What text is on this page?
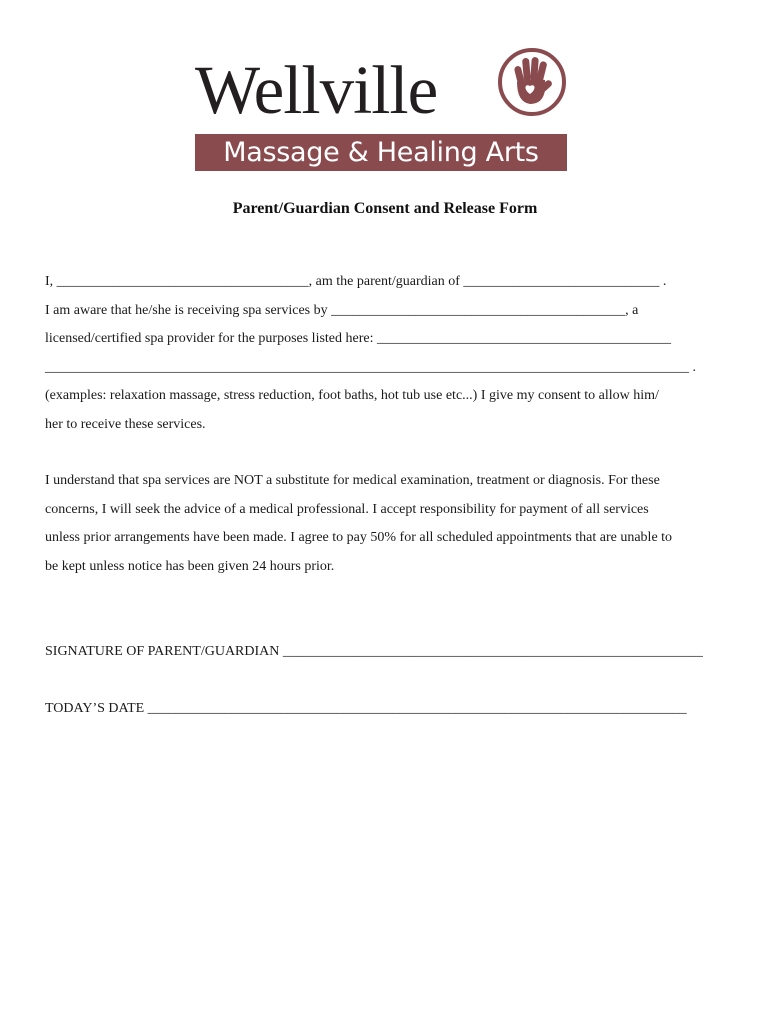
Wellville
Massage & Healing Arts
Parent/Guardian Consent and Release Form
I, ____________________________________, am the parent/guardian of ____________________________ .
I am aware that he/she is receiving spa services by __________________________________________, a
licensed/certified spa provider for the purposes listed here: __________________________________________
____________________________________________________________________________________________ .
(examples: relaxation massage, stress reduction, foot baths, hot tub use etc...) I give my consent to allow him/
her to receive these services.
I understand that spa services are NOT a substitute for medical examination, treatment or diagnosis. For these
concerns, I will seek the advice of a medical professional. I accept responsibility for payment of all services
unless prior arrangements have been made. I agree to pay 50% for all scheduled appointments that are unable to
be kept unless notice has been given 24 hours prior.
SIGNATURE OF PARENT/GUARDIAN ____________________________________________________________
TODAY’S DATE _____________________________________________________________________________
